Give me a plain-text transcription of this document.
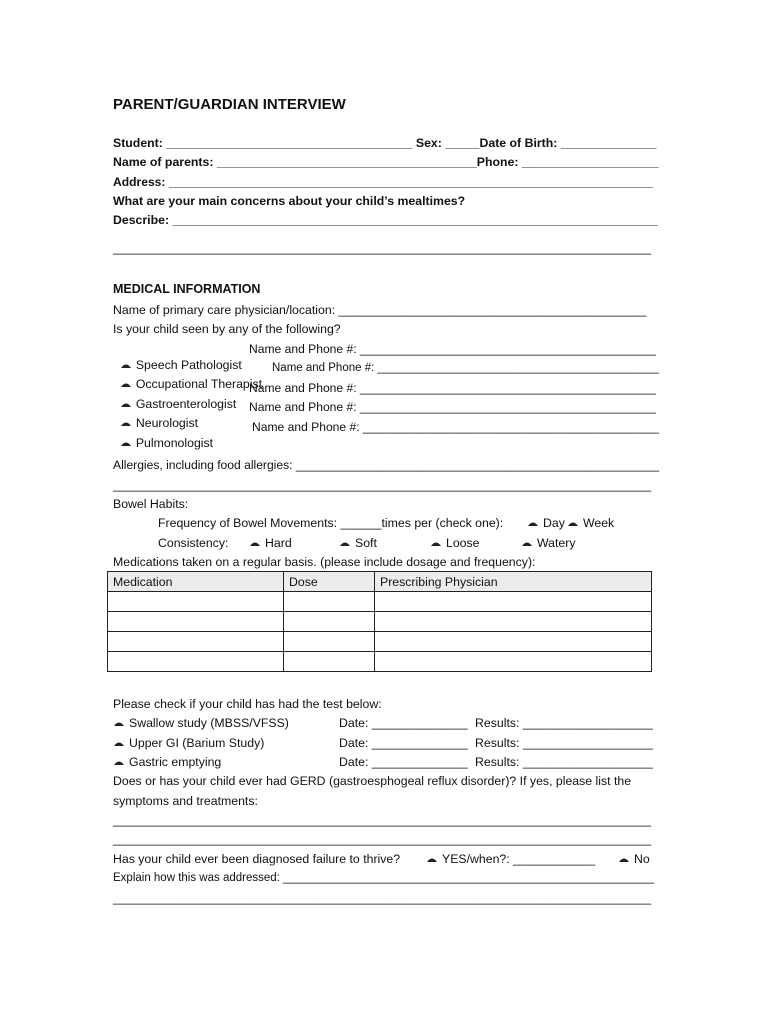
PARENT/GUARDIAN INTERVIEW
Student: ____________________________________ Sex: _____Date of Birth: ______________
Name of parents: ______________________________________Phone: ____________________
Address: ________________________________________________________________________
What are your main concerns about your child’s mealtimes?
Describe: _______________________________________________________________________
________________________________________________________________________________
MEDICAL INFORMATION
Name of primary care physician/location: _____________________________________________
Is your child seen by any of the following?

Speech Pathologist
Name and Phone #: ____________________________________________

Occupational Therapist
Name and Phone #: ____________________________________________

Gastroenterologist
Name and Phone #: ____________________________________________

Neurologist
Name and Phone #: ____________________________________________

Pulmonologist
Name and Phone #: ____________________________________________
Allergies, including food allergies: ______________________________________________________
________________________________________________________________________________
Bowel Habits:
Frequency of Bowel Movements: ______times per (check one):	Day	Week
Consistency:	Hard	Soft	Loose	Watery
Medications taken on a regular basis. (please include dosage and frequency):
Medication	Dose	Prescribing Physician

Please check if your child has had the test below:
Swallow study (MBSS/VFSS)	Date: ______________ Results: ___________________
Upper GI (Barium Study)	Date: ______________ Results: ___________________
Gastric emptying	Date: ______________ Results: ___________________
Does or has your child ever had GERD (gastroesphogeal reflux disorder)? If yes, please list the
symptoms and treatments:
________________________________________________________________________________
________________________________________________________________________________
Has your child ever been diagnosed failure to thrive?	YES/when?: ____________	No
Explain how this was addressed: __________________________________________________________
________________________________________________________________________________
